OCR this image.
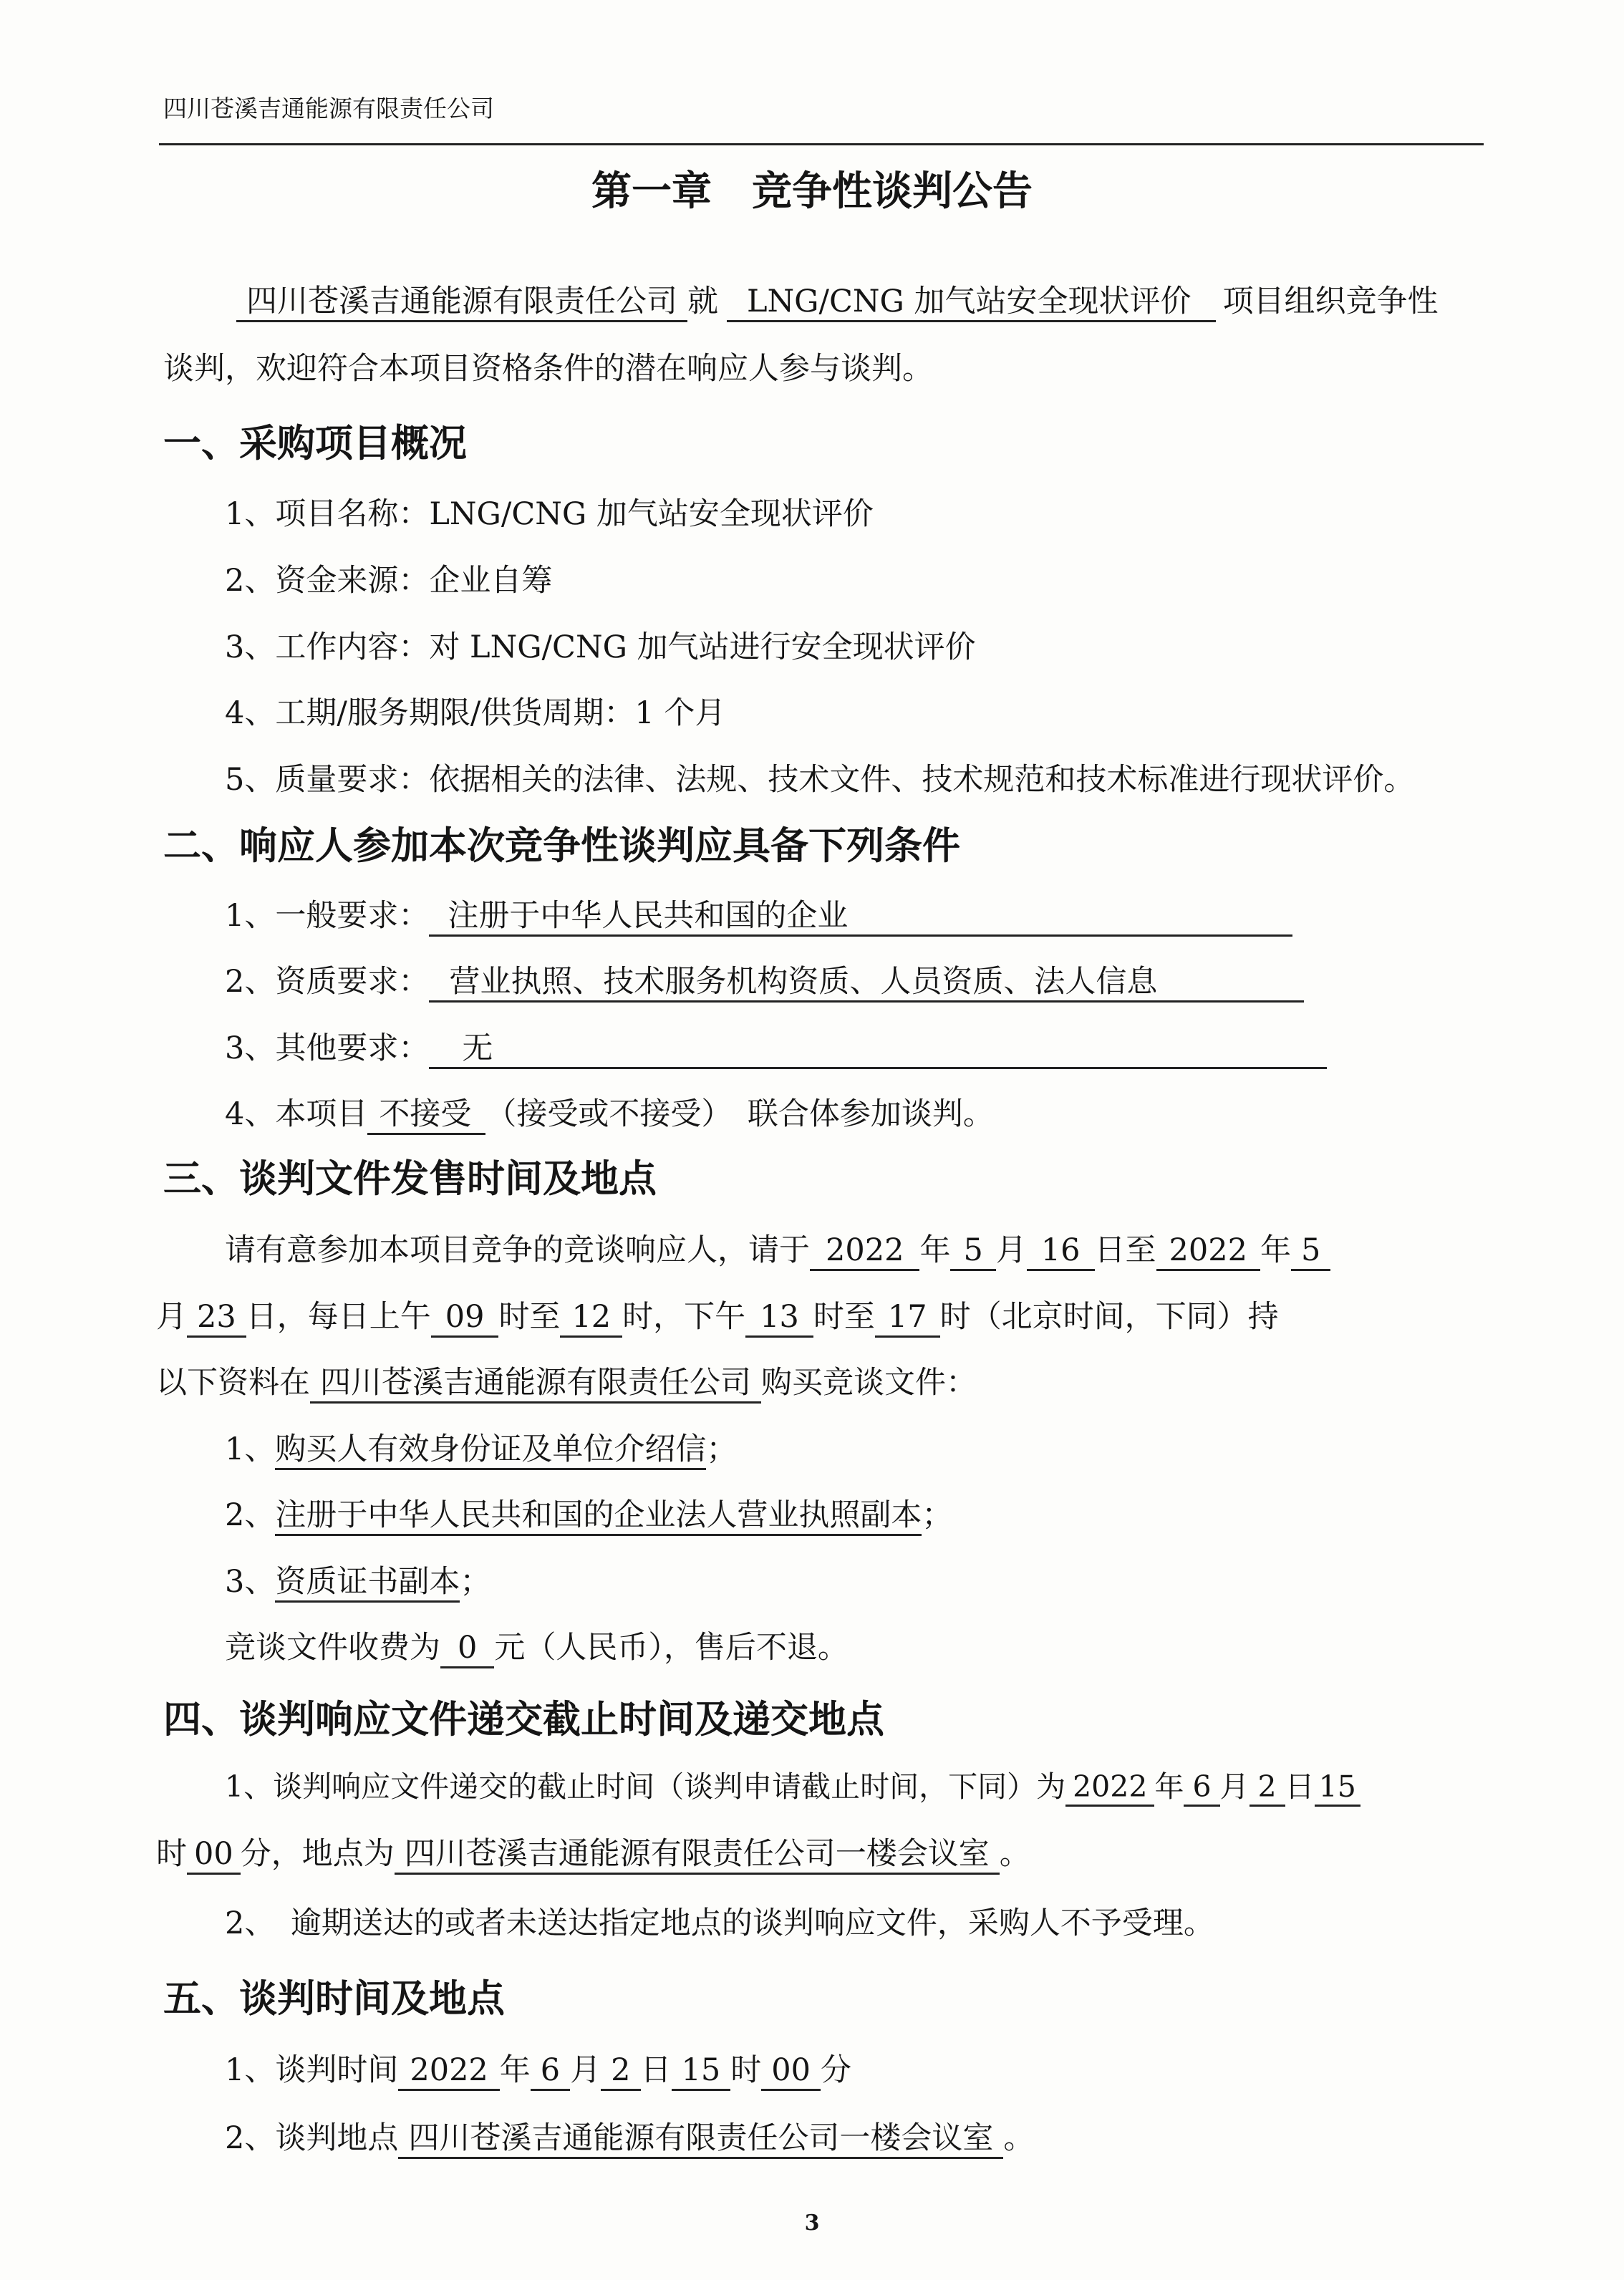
四川苍溪吉通能源有限责任公司
第一章　竞争性谈判公告
四川苍溪吉通能源有限责任公司 就 LNG/CNG 加气站安全现状评价 项目组织竞争性
谈判，欢迎符合本项目资格条件的潜在响应人参与谈判。
一、采购项目概况
1、项目名称：LNG/CNG 加气站安全现状评价
2、资金来源：企业自筹
3、工作内容：对 LNG/CNG 加气站进行安全现状评价
4、工期/服务期限/供货周期：1 个月
5、质量要求：依据相关的法律、法规、技术文件、技术规范和技术标准进行现状评价。
二、响应人参加本次竞争性谈判应具备下列条件
1、一般要求： 注册于中华人民共和国的企业
2、资质要求： 营业执照、技术服务机构资质、人员资质、法人信息
3、其他要求： 无
4、本项目 不接受 （接受或不接受）　联合体参加谈判。
三、谈判文件发售时间及地点
请有意参加本项目竞争的竞谈响应人，请于 2022 年 5 月 16 日至 2022 年 5
月 23 日，每日上午 09 时至 12 时，下午 13 时至 17 时（北京时间，下同）持
以下资料在 四川苍溪吉通能源有限责任公司 购买竞谈文件：
1、购买人有效身份证及单位介绍信；
2、注册于中华人民共和国的企业法人营业执照副本；
3、资质证书副本；
竞谈文件收费为 0 元（人民币），售后不退。
四、谈判响应文件递交截止时间及递交地点
1、谈判响应文件递交的截止时间（谈判申请截止时间，下同）为 2022 年 6 月 2 日 15
时 00 分，地点为 四川苍溪吉通能源有限责任公司一楼会议室 。
2、　逾期送达的或者未送达指定地点的谈判响应文件，采购人不予受理。
五、谈判时间及地点
1、谈判时间 2022 年 6 月 2 日 15 时 00 分
2、谈判地点 四川苍溪吉通能源有限责任公司一楼会议室 。
3
